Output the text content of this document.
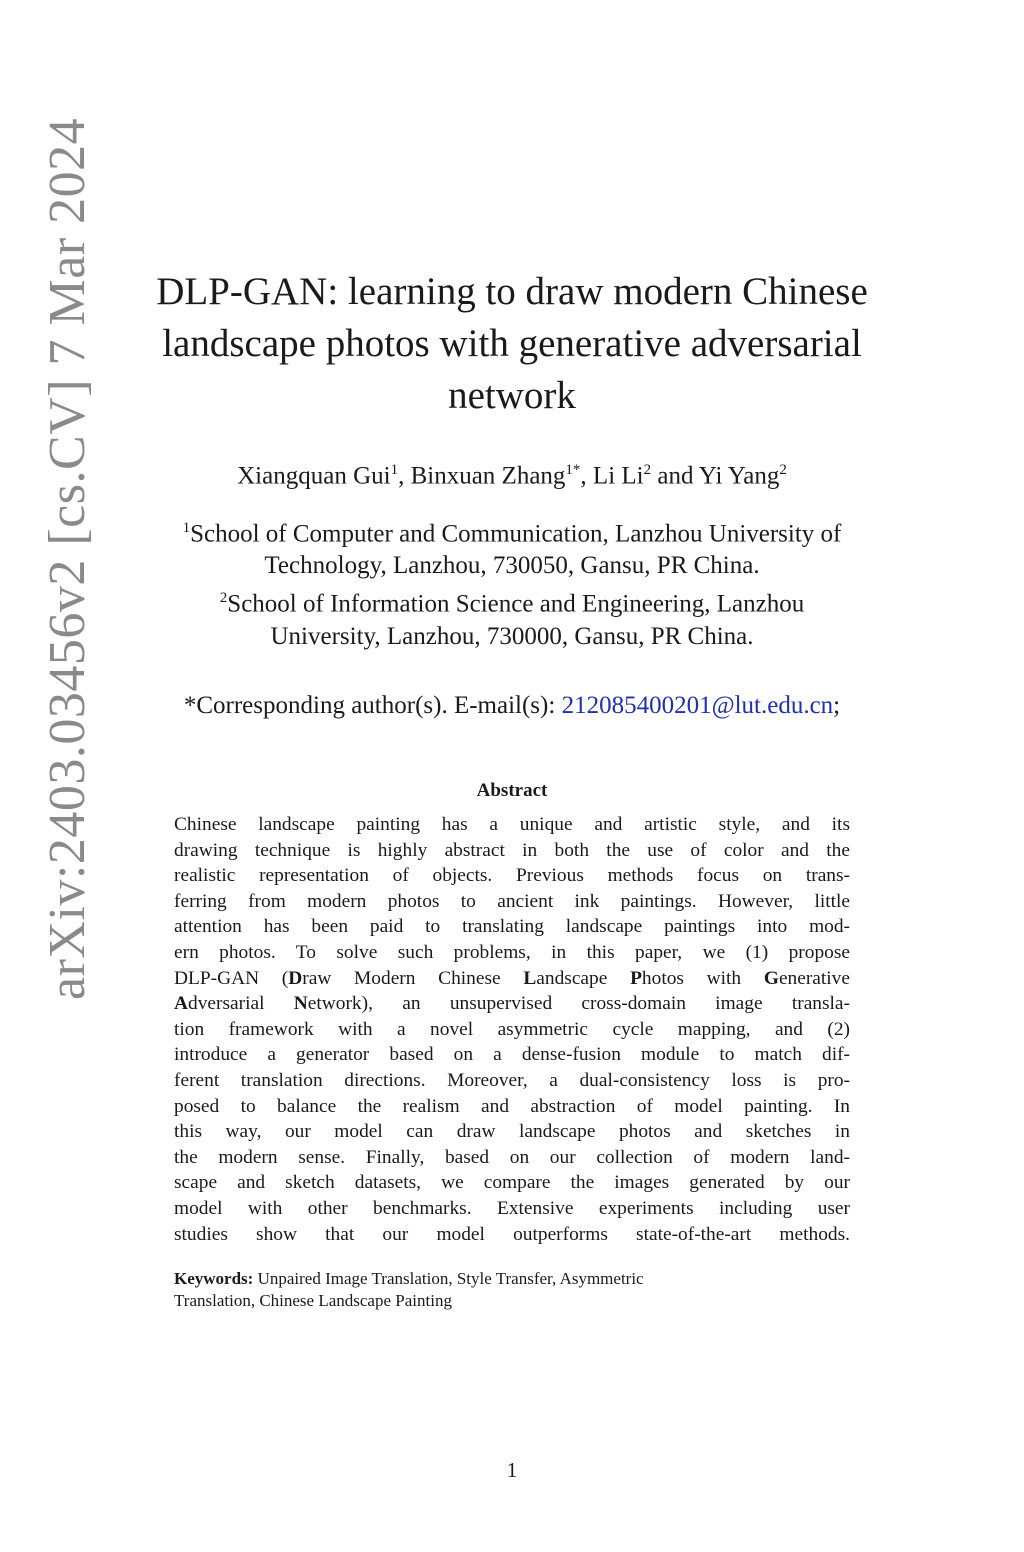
arXiv:2403.03456v2 [cs.CV] 7 Mar 2024	DLP-GAN: learning to draw modern Chinese
landscape photos with generative adversarial
network
Xiangquan Gui$^1$, Binxuan Zhang$^{1*}$, Li Li$^2$ and Yi Yang$^2$
$^1$School of Computer and Communication, Lanzhou University of
Technology, Lanzhou, 730050, Gansu, PR China.
$^2$School of Information Science and Engineering, Lanzhou
University, Lanzhou, 730000, Gansu, PR China.
*Corresponding author(s). E-mail(s): 212085400201@lut.edu.cn;
Abstract
Chinese landscape painting has a unique and artistic style, and its
drawing technique is highly abstract in both the use of color and the
realistic representation of objects. Previous methods focus on trans-
ferring from modern photos to ancient ink paintings. However, little
attention has been paid to translating landscape paintings into mod-
ern photos. To solve such problems, in this paper, we (1) propose
DLP-GAN (Draw Modern Chinese Landscape Photos with Generative
Adversarial Network), an unsupervised cross-domain image transla-
tion framework with a novel asymmetric cycle mapping, and (2)
introduce a generator based on a dense-fusion module to match dif-
ferent translation directions. Moreover, a dual-consistency loss is pro-
posed to balance the realism and abstraction of model painting. In
this way, our model can draw landscape photos and sketches in
the modern sense. Finally, based on our collection of modern land-
scape and sketch datasets, we compare the images generated by our
model with other benchmarks. Extensive experiments including user
studies show that our model outperforms state-of-the-art methods.
Keywords: Unpaired Image Translation, Style Transfer, Asymmetric
Translation, Chinese Landscape Painting
1
